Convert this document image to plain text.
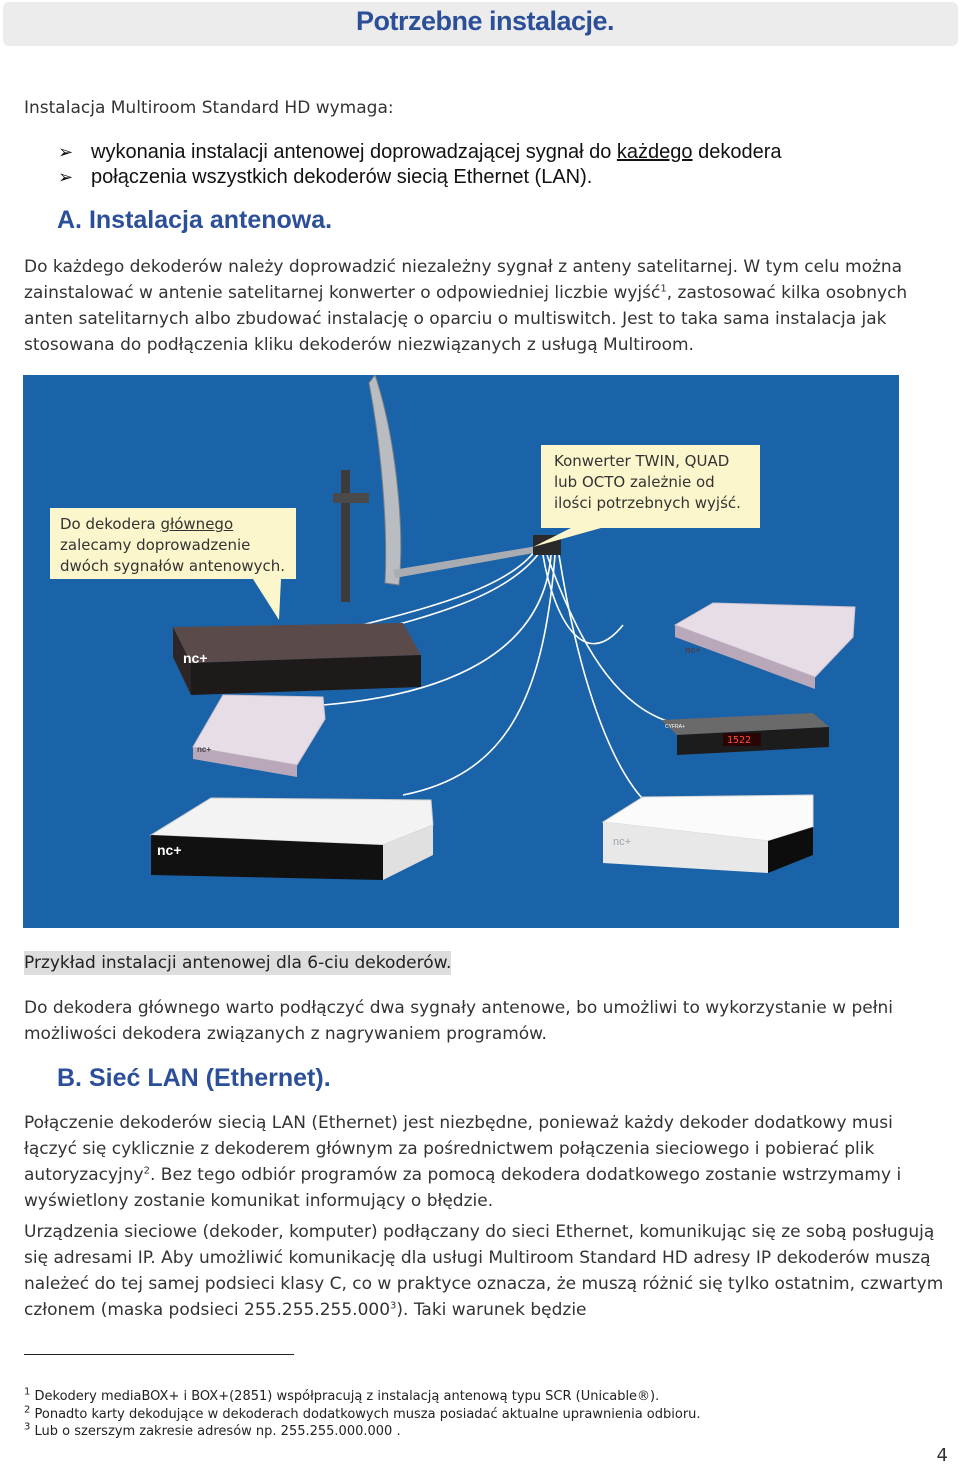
Potrzebne instalacje.

Instalacja Multiroom Standard HD wymaga:

➢ wykonania instalacji antenowej doprowadzającej sygnał do każdego dekodera
➢ połączenia wszystkich dekoderów siecią Ethernet (LAN).
A. Instalacja antenowa.

Do każdego dekoderów należy doprowadzić niezależny sygnał z anteny satelitarnej. W tym celu można zainstalować w antenie satelitarnej konwerter o odpowiedniej liczbie wyjść$^1$, zastosować kilka osobnych anten satelitarnych albo zbudować instalację o oparciu o multiswitch. Jest to taka sama instalacja jak stosowana do podłączenia kliku dekoderów niezwiązanych z usługą Multiroom.

nc+	nc+
nc+
1522
CYFRA+
nc+	nc+
Do dekodera głównego zalecamy doprowadzenie dwóch sygnałów antenowych.
Konwerter TWIN, QUAD lub OCTO zależnie od ilości potrzebnych wyjść.
Przykład instalacji antenowej dla 6-ciu dekoderów.

Do dekodera głównego warto podłączyć dwa sygnały antenowe, bo umożliwi to wykorzystanie w pełni możliwości dekodera związanych z nagrywaniem programów.

B. Sieć LAN (Ethernet).

Połączenie dekoderów siecią LAN (Ethernet) jest niezbędne, ponieważ każdy dekoder dodatkowy musi łączyć się cyklicznie z dekoderem głównym za pośrednictwem połączenia sieciowego i pobierać plik autoryzacyjny$^2$. Bez tego odbiór programów za pomocą dekodera dodatkowego zostanie wstrzymamy i wyświetlony zostanie komunikat informujący o błędzie.

Urządzenia sieciowe (dekoder, komputer) podłączany do sieci Ethernet, komunikując się ze sobą posługują się adresami IP. Aby umożliwić komunikację dla usługi Multiroom Standard HD adresy IP dekoderów muszą należeć do tej samej podsieci klasy C, co w praktyce oznacza, że muszą różnić się tylko ostatnim, czwartym członem (maska podsieci 255.255.255.000$^3$). Taki warunek będzie

$^1$ Dekodery mediaBOX+ i BOX+(2851) współpracują z instalacją antenową typu SCR (Unicable®).
$^2$ Ponadto karty dekodujące w dekoderach dodatkowych musza posiadać aktualne uprawnienia odbioru.
$^3$ Lub o szerszym zakresie adresów np. 255.255.000.000 .
4
